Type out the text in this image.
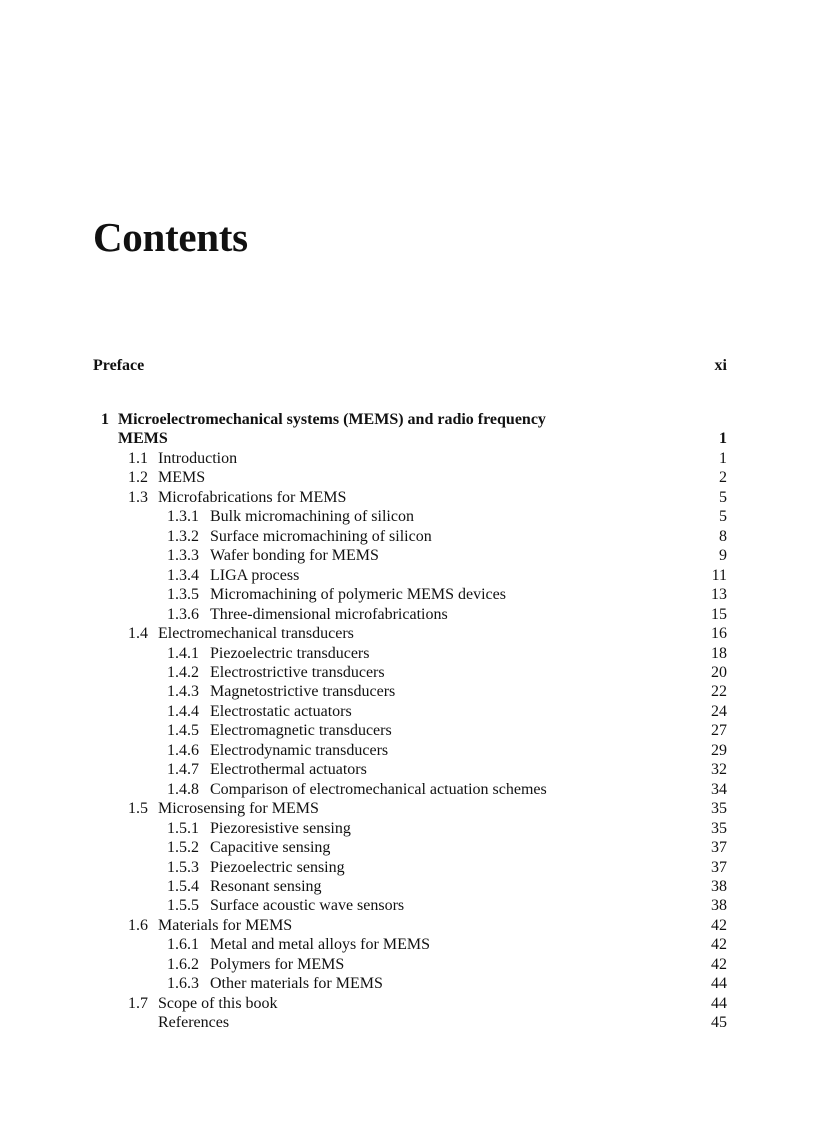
Contents
Preface	xi
1 Microelectromechanical systems (MEMS) and radio frequency
MEMS	1
1.1 Introduction	1
1.2 MEMS	2
1.3 Microfabrications for MEMS	5
1.3.1 Bulk micromachining of silicon	5
1.3.2 Surface micromachining of silicon	8
1.3.3 Wafer bonding for MEMS	9
1.3.4 LIGA process	11
1.3.5 Micromachining of polymeric MEMS devices	13
1.3.6 Three-dimensional microfabrications	15
1.4 Electromechanical transducers	16
1.4.1 Piezoelectric transducers	18
1.4.2 Electrostrictive transducers	20
1.4.3 Magnetostrictive transducers	22
1.4.4 Electrostatic actuators	24
1.4.5 Electromagnetic transducers	27
1.4.6 Electrodynamic transducers	29
1.4.7 Electrothermal actuators	32
1.4.8 Comparison of electromechanical actuation schemes	34
1.5 Microsensing for MEMS	35
1.5.1 Piezoresistive sensing	35
1.5.2 Capacitive sensing	37
1.5.3 Piezoelectric sensing	37
1.5.4 Resonant sensing	38
1.5.5 Surface acoustic wave sensors	38
1.6 Materials for MEMS	42
1.6.1 Metal and metal alloys for MEMS	42
1.6.2 Polymers for MEMS	42
1.6.3 Other materials for MEMS	44
1.7 Scope of this book	44
References	45
